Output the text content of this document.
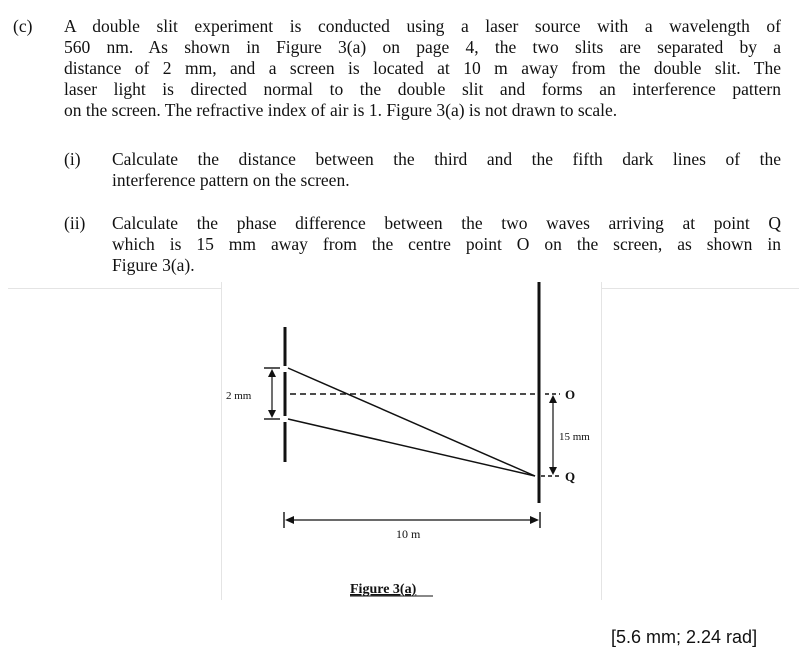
(c) A double slit experiment is conducted using a laser source with a wavelength of
560 nm. As shown in Figure 3(a) on page 4, the two slits are separated by a
distance of 2 mm, and a screen is located at 10 m away from the double slit. The
laser light is directed normal to the double slit and forms an interference pattern
on the screen. The refractive index of air is 1. Figure 3(a) is not drawn to scale.
(i) Calculate the distance between the third and the fifth dark lines of the
interference pattern on the screen.
(ii) Calculate the phase difference between the two waves arriving at point Q
which is 15 mm away from the centre point O on the screen, as shown in
Figure 3(a).
2 mm
15 mm
O
Q
10 m
Figure 3(a)
[5.6 mm; 2.24 rad]
